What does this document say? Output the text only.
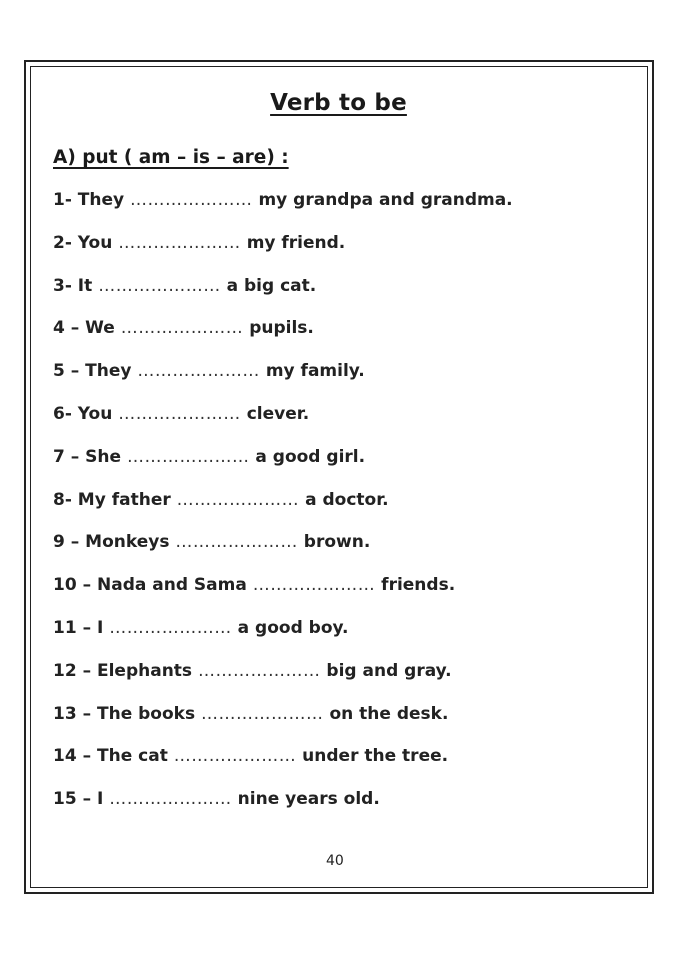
Verb to be
A) put ( am – is – are) :
1- They ………………… my grandpa and grandma.
2- You ………………… my friend.
3- It ………………… a big cat.
4 – We ………………… pupils.
5 – They ………………… my family.
6- You ………………… clever.
7 – She ………………… a good girl.
8- My father ………………… a doctor.
9 – Monkeys ………………… brown.
10 – Nada and Sama ………………… friends.
11 – I ………………… a good boy.
12 – Elephants ………………… big and gray.
13 – The books ………………… on the desk.
14 – The cat ………………… under the tree.
15 – I ………………… nine years old.
40
